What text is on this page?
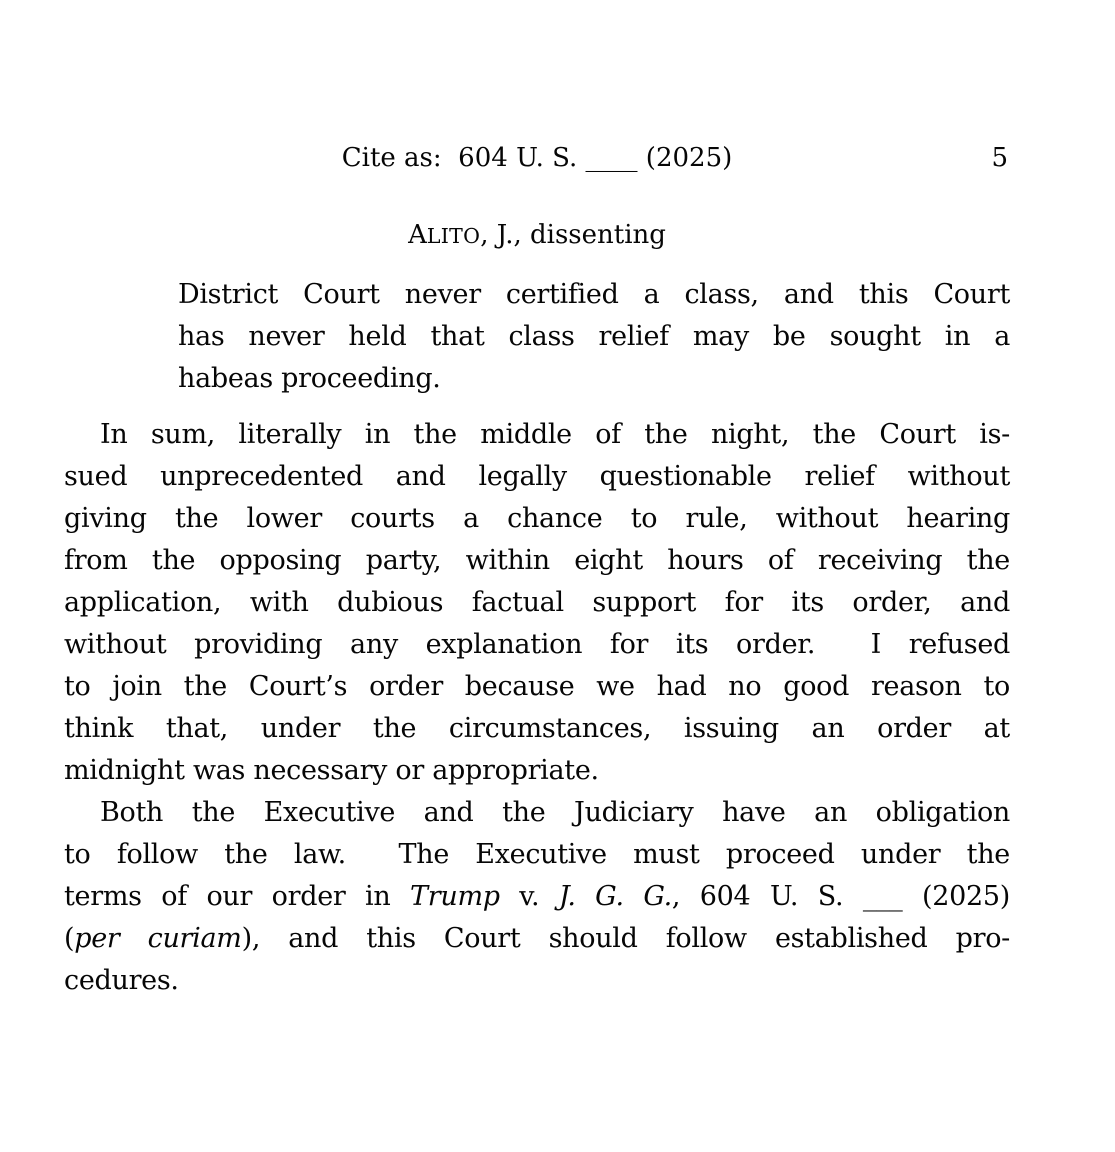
Cite as:  604 U. S. ____ (2025)	5
ALITO, J., dissenting
District Court never certified a class, and this Court
has never held that class relief may be sought in a
habeas proceeding.
In sum, literally in the middle of the night, the Court is-
sued unprecedented and legally questionable relief without
giving the lower courts a chance to rule, without hearing
from the opposing party, within eight hours of receiving the
application, with dubious factual support for its order, and
without providing any explanation for its order.  I refused
to join the Court’s order because we had no good reason to
think that, under the circumstances, issuing an order at
midnight was necessary or appropriate.
Both the Executive and the Judiciary have an obligation
to follow the law.  The Executive must proceed under the
terms of our order in Trump v. J. G. G., 604 U. S. ___ (2025)
(per curiam), and this Court should follow established pro-
cedures.
